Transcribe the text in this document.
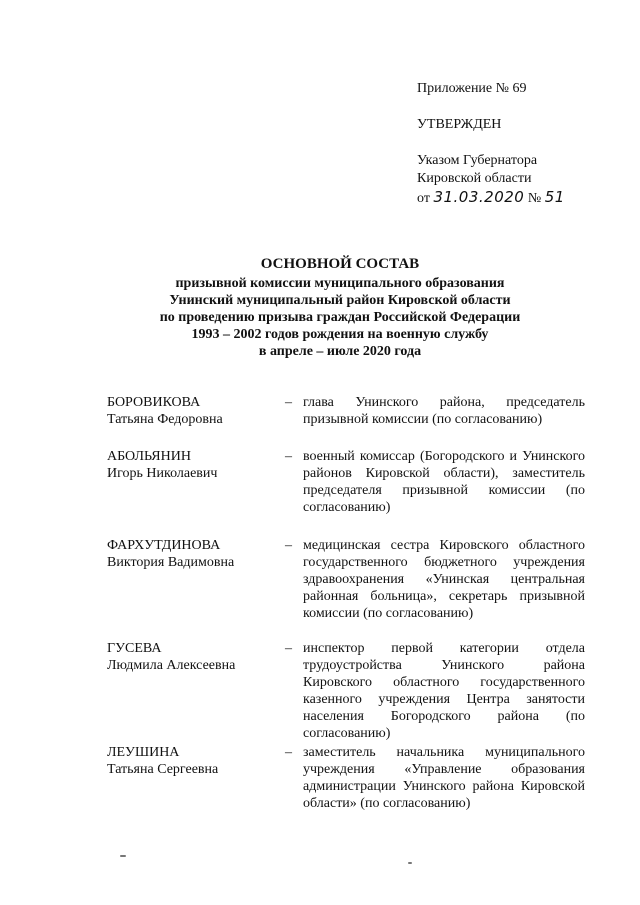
Приложение № 69

УТВЕРЖДЕН

Указом Губернатора

Кировской области

от 31.03.2020 № 51

ОСНОВНОЙ СОСТАВ
призывной комиссии муниципального образования
Унинский муниципальный район Кировской области
по проведению призыва граждан Российской Федерации
1993 – 2002 годов рождения на военную службу
в апреле – июле 2020 года
БОРОВИКОВА
Татьяна Федоровна
– глава Унинского района, председатель призывной комиссии (по согласованию)
АБОЛЬЯНИН
Игорь Николаевич
– военный комиссар (Богородского и Унинского районов Кировской области), заместитель председателя призывной комиссии (по согласованию)
ФАРХУТДИНОВА
Виктория Вадимовна
– медицинская сестра Кировского областного государственного бюджетного учреждения здравоохранения «Унинская центральная районная больница», секретарь призывной комиссии (по согласованию)
ГУСЕВА
Людмила Алексеевна
– инспектор первой категории отдела трудоустройства Унинского района Кировского областного государственного казенного учреждения Центра занятости населения Богородского района (по согласованию)
ЛЕУШИНА
Татьяна Сергеевна
– заместитель начальника муниципального учреждения «Управление образования администрации Унинского района Кировской области» (по согласованию)
